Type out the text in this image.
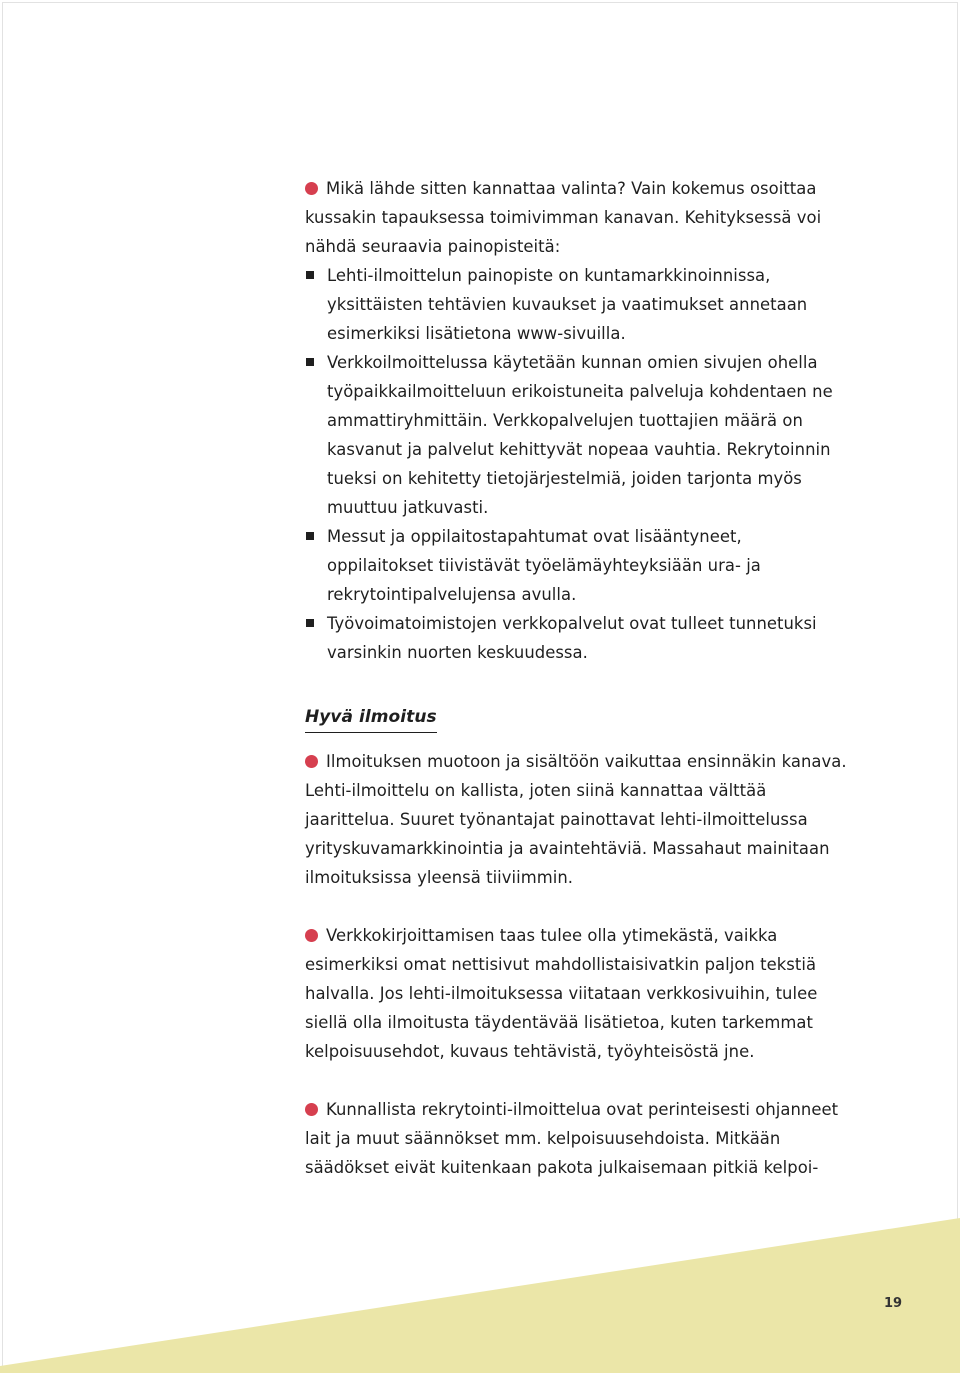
Mikä lähde sitten kannattaa valinta? Vain kokemus osoittaa kussakin tapauksessa toimivimman kanavan. Kehityksessä voi nähdä seuraavia painopisteitä:

Lehti-ilmoittelun painopiste on kuntamarkkinoinnissa, yksittäisten tehtävien kuvaukset ja vaatimukset annetaan esimerkiksi lisätietona www-sivuilla.
Verkkoilmoittelussa käytetään kunnan omien sivujen ohella työpaikkailmoitteluun erikoistuneita palveluja kohdentaen ne ammattiryhmittäin. Verkkopalvelujen tuottajien määrä on kasvanut ja palvelut kehittyvät nopeaa vauhtia. Rekrytoinnin tueksi on kehitetty tietojärjestelmiä, joiden tarjonta myös muuttuu jatkuvasti.
Messut ja oppilaitostapahtumat ovat lisääntyneet, oppilaitokset tiivistävät työelämäyhteyksiään ura- ja rekrytointipalvelujensa avulla.
Työvoimatoimistojen verkkopalvelut ovat tulleet tunnetuksi varsinkin nuorten keskuudessa.
Hyvä ilmoitus

Ilmoituksen muotoon ja sisältöön vaikuttaa ensinnäkin kanava. Lehti-ilmoittelu on kallista, joten siinä kannattaa välttää jaarittelua. Suuret työnantajat painottavat lehti-ilmoittelussa yrityskuvamarkkinointia ja avaintehtäviä. Massahaut mainitaan ilmoituksissa yleensä tiiviimmin.

Verkkokirjoittamisen taas tulee olla ytimekästä, vaikka esimerkiksi omat nettisivut mahdollistaisivatkin paljon tekstiä halvalla. Jos lehti-ilmoituksessa viitataan verkkosivuihin, tulee siellä olla ilmoitusta täydentävää lisätietoa, kuten tarkemmat kelpoisuusehdot, kuvaus tehtävistä, työyhteisöstä jne.

Kunnallista rekrytointi-ilmoittelua ovat perinteisesti ohjanneet lait ja muut säännökset mm. kelpoisuusehdoista. Mitkään säädökset eivät kuitenkaan pakota julkaisemaan pitkiä kelpoi-

19
